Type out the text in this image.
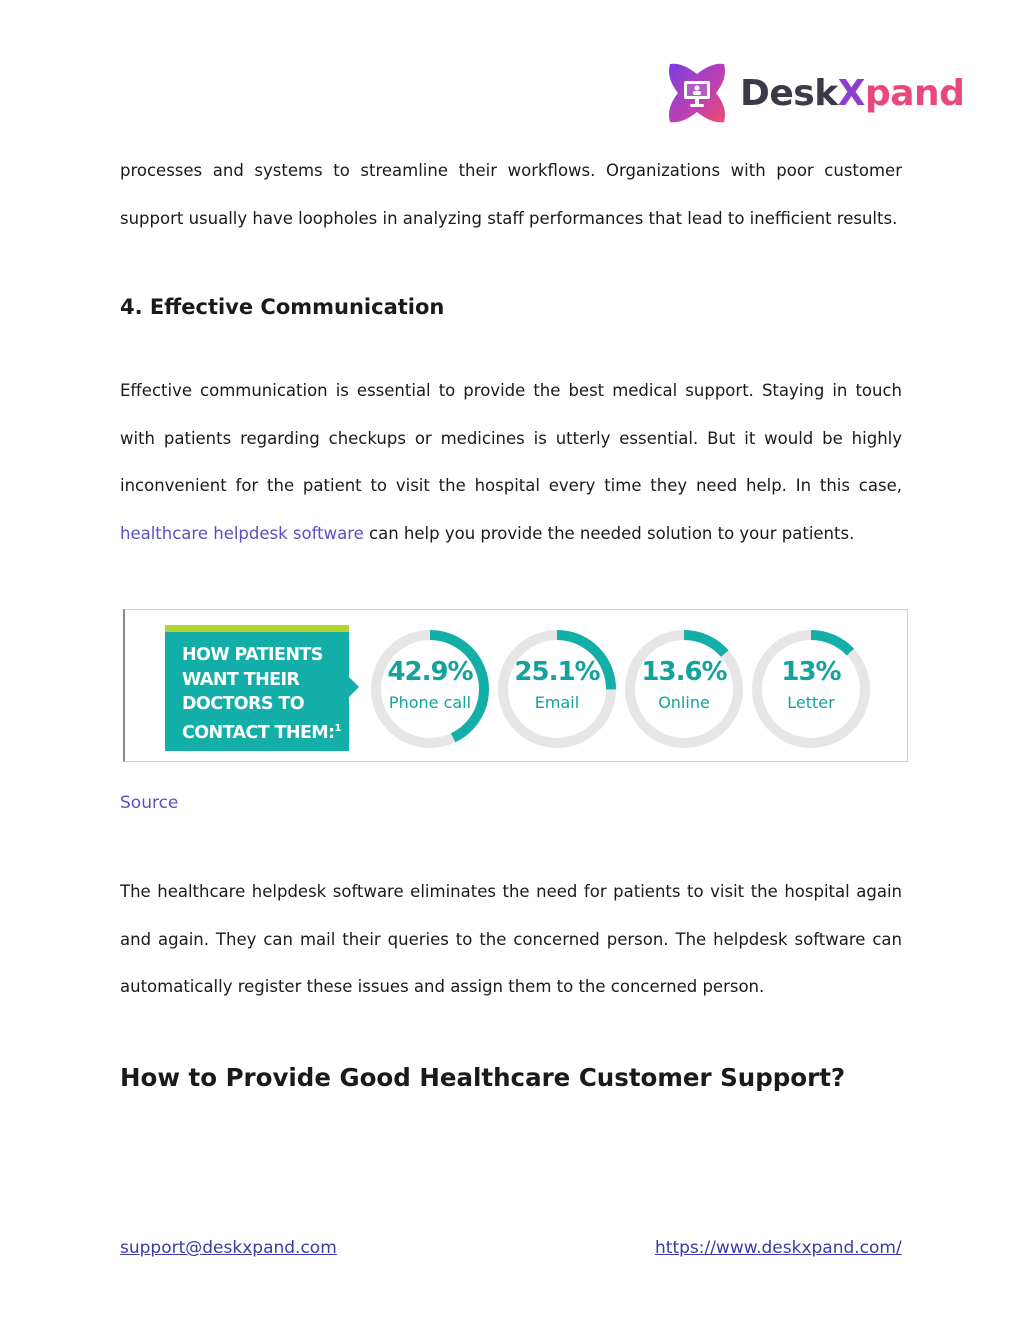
DeskXpand

processes and systems to streamline their workflows. Organizations with poor customer
support usually have loopholes in analyzing staff performances that lead to inefficient results.

4. Effective Communication

Effective communication is essential to provide the best medical support. Staying in touch with patients regarding checkups or medicines is utterly essential. But it would be highly inconvenient for the patient to visit the hospital every time they need help. In this case, healthcare helpdesk software can help you provide the needed solution to your patients.

HOW PATIENTS
WANT THEIR
DOCTORS TO
CONTACT THEM:$^1$
42.9%
Phone call
25.1%
Email
13.6%
Online
13%
Letter
Source

The healthcare helpdesk software eliminates the need for patients to visit the hospital again and again. They can mail their queries to the concerned person. The helpdesk software can automatically register these issues and assign them to the concerned person.

How to Provide Good Healthcare Customer Support?
support@deskxpand.com	https://www.deskxpand.com/
